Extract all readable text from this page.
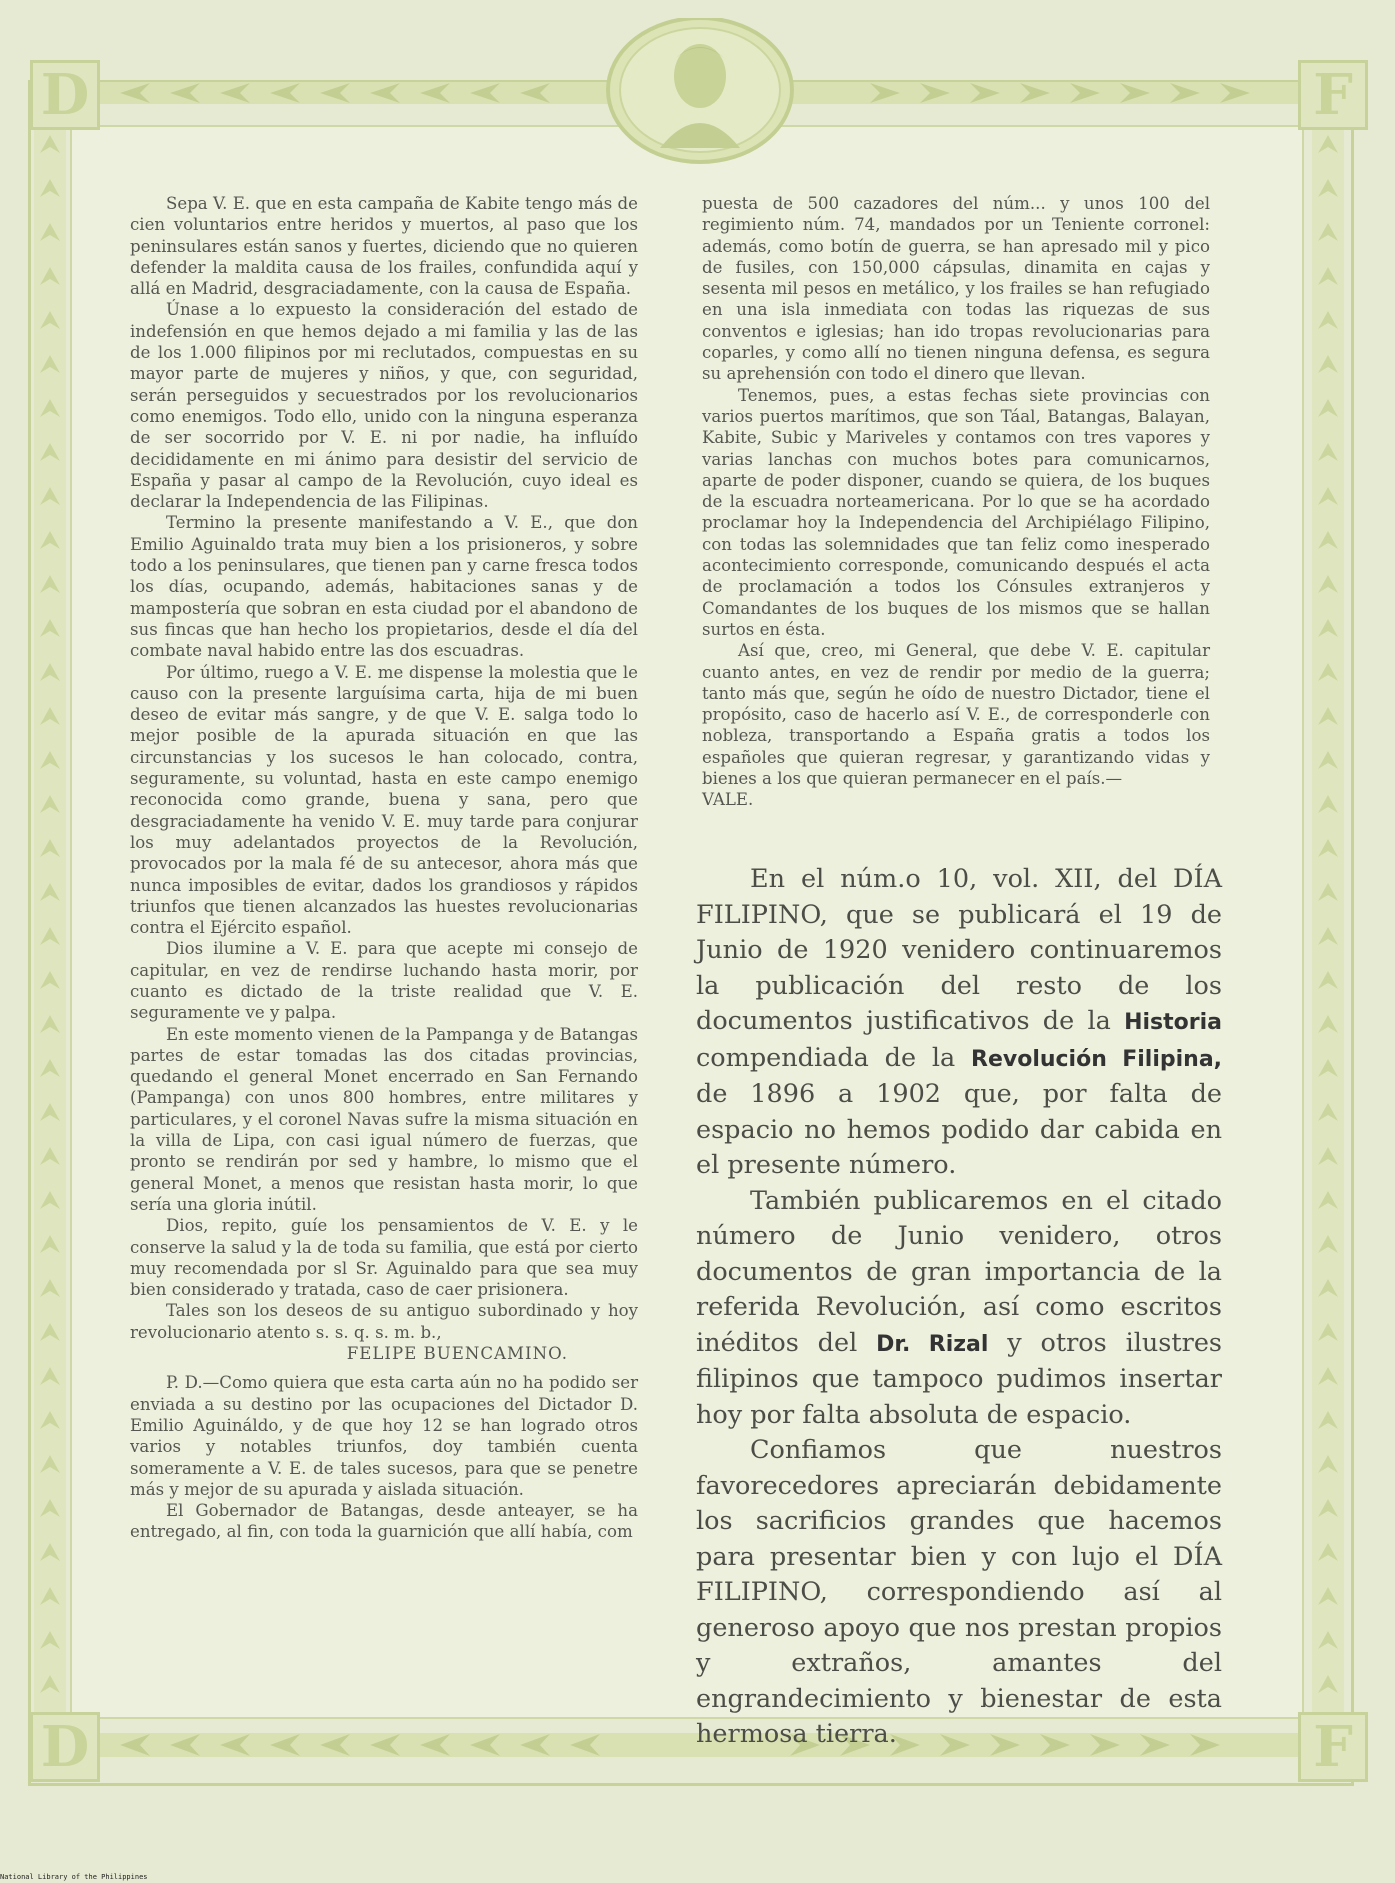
D	F
D	F

Sepa V. E. que en esta campaña de Kabite tengo más de cien voluntarios entre heridos y muertos, al paso que los peninsulares están sanos y fuertes, diciendo que no quieren defender la maldita causa de los frailes, confundida aquí y allá en Madrid, desgraciadamente, con la causa de España.

Únase a lo expuesto la consideración del estado de indefensión en que hemos dejado a mi familia y las de las de los 1.000 filipinos por mi reclutados, compuestas en su mayor parte de mujeres y niños, y que, con seguridad, serán perseguidos y secuestrados por los revolucionarios como enemigos. Todo ello, unido con la ninguna esperanza de ser socorrido por V. E. ni por nadie, ha influído decididamente en mi ánimo para desistir del servicio de España y pasar al campo de la Revolución, cuyo ideal es declarar la Independencia de las Filipinas.

Termino la presente manifestando a V. E., que don Emilio Aguinaldo trata muy bien a los prisioneros, y sobre todo a los peninsulares, que tienen pan y carne fresca todos los días, ocupando, además, habitaciones sanas y de mampostería que sobran en esta ciudad por el abandono de sus fincas que han hecho los propietarios, desde el día del combate naval habido entre las dos escuadras.

Por último, ruego a V. E. me dispense la molestia que le causo con la presente larguísima carta, hija de mi buen deseo de evitar más sangre, y de que V. E. salga todo lo mejor posible de la apurada situación en que las circunstancias y los sucesos le han colocado, contra, seguramente, su voluntad, hasta en este campo enemigo reconocida como grande, buena y sana, pero que desgraciadamente ha venido V. E. muy tarde para conjurar los muy adelantados proyectos de la Revolución, provocados por la mala fé de su antecesor, ahora más que nunca imposibles de evitar, dados los grandiosos y rápidos triunfos que tienen alcanzados las huestes revolucionarias contra el Ejército español.

Dios ilumine a V. E. para que acepte mi consejo de capitular, en vez de rendirse luchando hasta morir, por cuanto es dictado de la triste realidad que V. E. seguramente ve y palpa.

En este momento vienen de la Pampanga y de Batangas partes de estar tomadas las dos citadas provincias, quedando el general Monet encerrado en San Fernando (Pampanga) con unos 800 hombres, entre militares y particulares, y el coronel Navas sufre la misma situación en la villa de Lipa, con casi igual número de fuerzas, que pronto se rendirán por sed y hambre, lo mismo que el general Monet, a menos que resistan hasta morir, lo que sería una gloria inútil.

Dios, repito, guíe los pensamientos de V. E. y le conserve la salud y la de toda su familia, que está por cierto muy recomendada por sl Sr. Aguinaldo para que sea muy bien considerado y tratada, caso de caer prisionera.

Tales son los deseos de su antiguo subordinado y hoy revolucionario atento s. s. q. s. m. b.,

FELIPE BUENCAMINO.

P. D.—Como quiera que esta carta aún no ha podido ser enviada a su destino por las ocupaciones del Dictador D. Emilio Aguináldo, y de que hoy 12 se han logrado otros varios y notables triunfos, doy también cuenta someramente a V. E. de tales sucesos, para que se penetre más y mejor de su apurada y aislada situación.

El Gobernador de Batangas, desde anteayer, se ha entregado, al fin, con toda la guarnición que allí había, com

puesta de 500 cazadores del núm... y unos 100 del regimiento núm. 74, mandados por un Teniente corronel: además, como botín de guerra, se han apresado mil y pico de fusiles, con 150,000 cápsulas, dinamita en cajas y sesenta mil pesos en metálico, y los frailes se han refugiado en una isla inmediata con todas las riquezas de sus conventos e iglesias; han ido tropas revolucionarias para coparles, y como allí no tienen ninguna defensa, es segura su aprehensión con todo el dinero que llevan.

Tenemos, pues, a estas fechas siete provincias con varios puertos marítimos, que son Táal, Batangas, Balayan, Kabite, Subic y Mariveles y contamos con tres vapores y varias lanchas con muchos botes para comunicarnos, aparte de poder disponer, cuando se quiera, de los buques de la escuadra norteamericana. Por lo que se ha acordado proclamar hoy la Independencia del Archipiélago Filipino, con todas las solemnidades que tan feliz como inesperado acontecimiento corresponde, comunicando después el acta de proclamación a todos los Cónsules extranjeros y Comandantes de los buques de los mismos que se hallan surtos en ésta.

Así que, creo, mi General, que debe V. E. capitular cuanto antes, en vez de rendir por medio de la guerra; tanto más que, según he oído de nuestro Dictador, tiene el propósito, caso de hacerlo así V. E., de corresponderle con nobleza, transportando a España gratis a todos los españoles que quieran regresar, y garantizando vidas y bienes a los que quieran permanecer en el país.—

VALE.

En el núm.o 10, vol. XII, del DÍA FILIPINO, que se publicará el 19 de Junio de 1920 venidero continuaremos la publicación del resto de los documentos justificativos de la Historia compendiada de la Revolución Filipina, de 1896 a 1902 que, por falta de espacio no hemos podido dar cabida en el presente número.

También publicaremos en el citado número de Junio venidero, otros documentos de gran importancia de la referida Revolución, así como escritos inéditos del Dr. Rizal y otros ilustres filipinos que tampoco pudimos insertar hoy por falta absoluta de espacio.

Confiamos que nuestros favorecedores apreciarán debidamente los sacrificios grandes que hacemos para presentar bien y con lujo el DÍA FILIPINO, correspondiendo así al generoso apoyo que nos prestan propios y extraños, amantes del engrandecimiento y bienestar de esta hermosa tierra.

National Library of the Philippines
